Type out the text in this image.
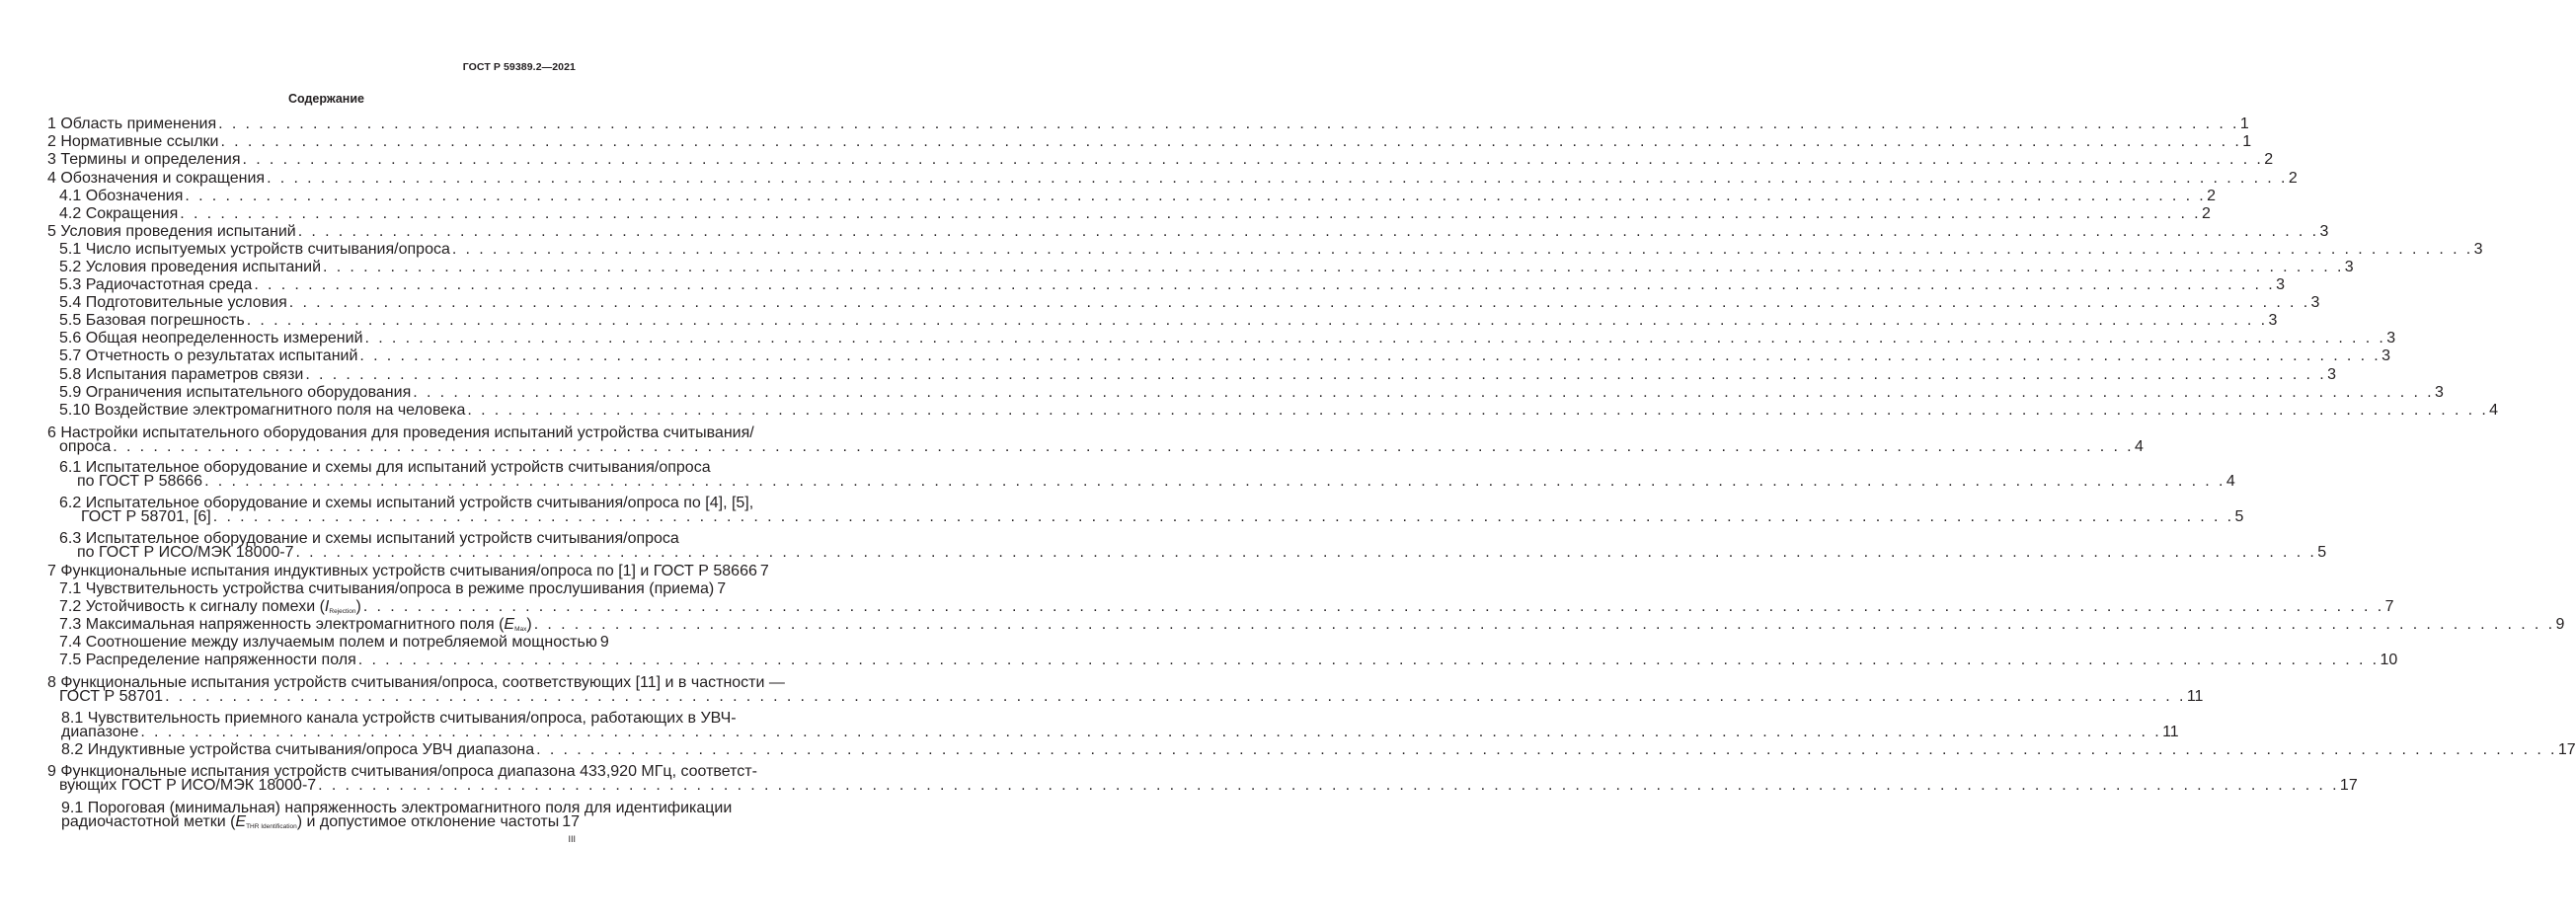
ГОСТ Р 59389.2—2021
Содержание
1 Область применения . . .	1
2 Нормативные ссылки . . .	1
3 Термины и определения . . .	2
4 Обозначения и сокращения . . .	2
4.1 Обозначения . . .	2
4.2 Сокращения . . .	2
5 Условия проведения испытаний . . .	3
5.1 Число испытуемых устройств считывания/опроса . . .	3
5.2 Условия проведения испытаний . . .	3
5.3 Радиочастотная среда . . .	3
5.4 Подготовительные условия . . .	3
5.5 Базовая погрешность . . .	3
5.6 Общая неопределенность измерений . . .	3
5.7 Отчетность о результатах испытаний . . .	3
5.8 Испытания параметров связи . . .	3
5.9 Ограничения испытательного оборудования . . .	3
5.10 Воздействие электромагнитного поля на человека . . .	4
6 Настройки испытательного оборудования для проведения испытаний устройства считывания/
опроса . . .	4
6.1 Испытательное оборудование и схемы для испытаний устройств считывания/опроса
по ГОСТ Р 58666 . . .	4
6.2 Испытательное оборудование и схемы испытаний устройств считывания/опроса по [4], [5],
ГОСТ Р 58701, [6] . . .	5
6.3 Испытательное оборудование и схемы испытаний устройств считывания/опроса
по ГОСТ Р ИСО/МЭК 18000-7 . . .	5
7 Функциональные испытания индуктивных устройств считывания/опроса по [1] и ГОСТ Р 58666 7
7.1 Чувствительность устройства считывания/опроса в режиме прослушивания (приема) 7
7.2 Устойчивость к сигналу помехи $(I_{Rejection})$ . . .	7
7.3 Максимальная напряженность электромагнитного поля $(E_{Max})$ . . .	9
7.4 Соотношение между излучаемым полем и потребляемой мощностью 9
7.5 Распределение напряженности поля . . .	10
8 Функциональные испытания устройств считывания/опроса, соответствующих [11] и в частности —
ГОСТ Р 58701 . . .	11
8.1 Чувствительность приемного канала устройств считывания/опроса, работающих в УВЧ-
диапазоне . . .	11
8.2 Индуктивные устройства считывания/опроса УВЧ диапазона . . .	17
9 Функциональные испытания устройств считывания/опроса диапазона 433,920 МГц, соответст-
вующих ГОСТ Р ИСО/МЭК 18000-7 . . .	17
9.1 Пороговая (минимальная) напряженность электромагнитного поля для идентификации
радиочастотной метки $(E_{THR Identification})$ и допустимое отклонение частоты 17
III
